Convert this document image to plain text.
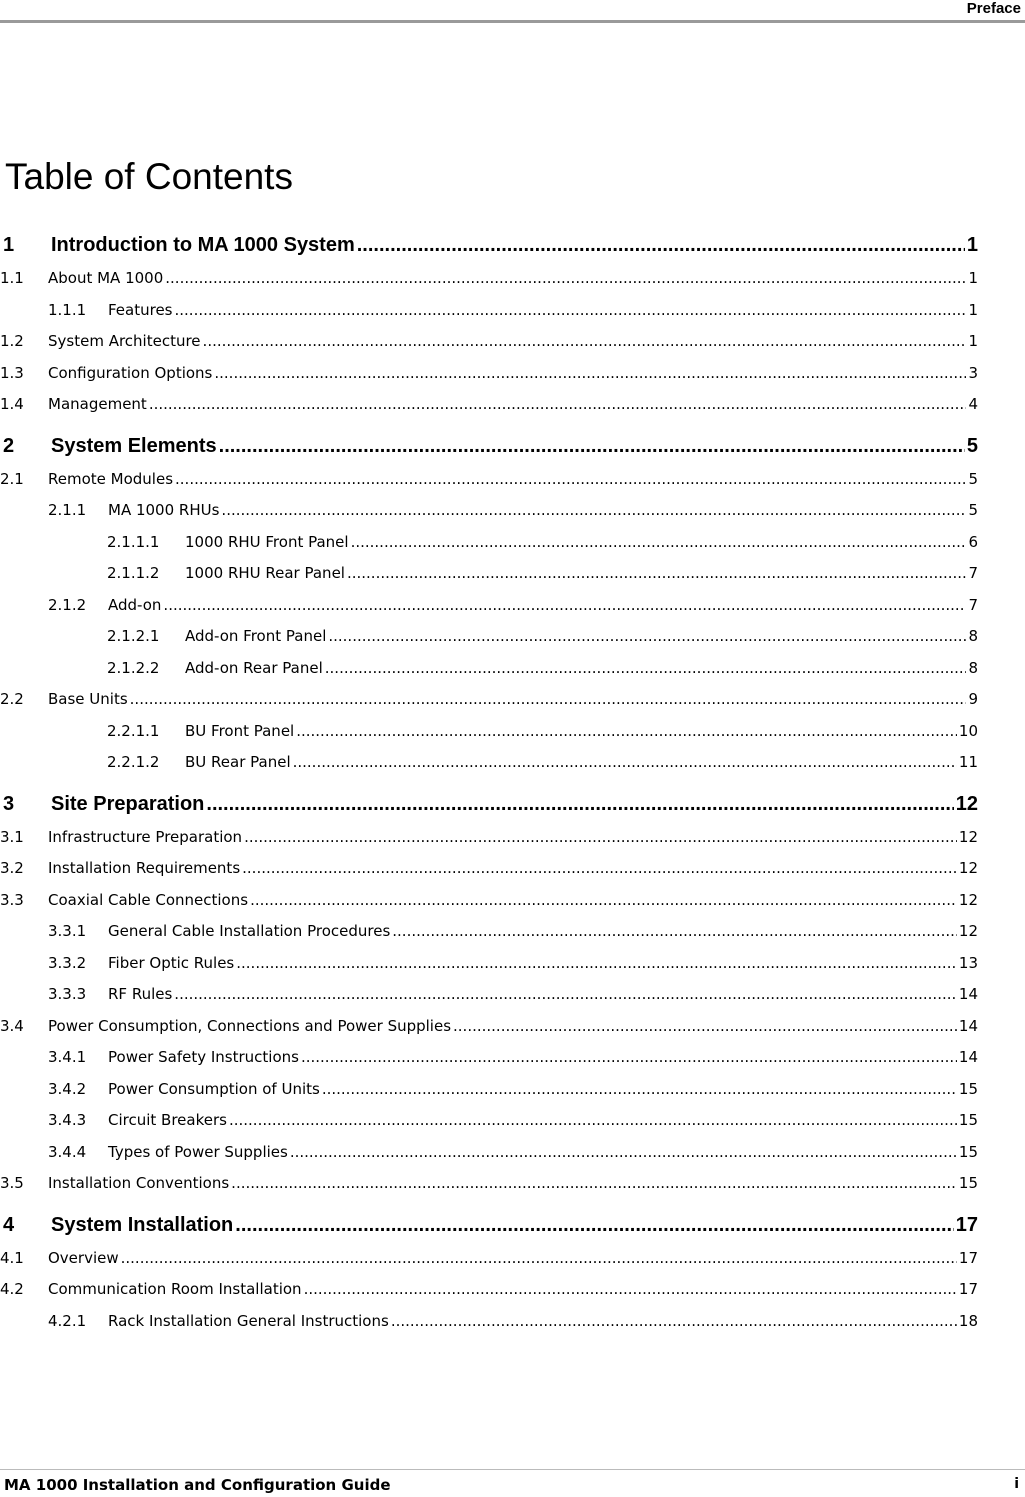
Preface
Table of Contents
1	Introduction to MA 1000 System .....	1
1.1	About MA 1000 .....	1
1.1.1	Features .....	1
1.2	System Architecture .....	1
1.3	Configuration Options .....	3
1.4	Management .....	4
2	System Elements .....	5
2.1	Remote Modules .....	5
2.1.1	MA 1000 RHUs .....	5
2.1.1.1	1000 RHU Front Panel .....	6
2.1.1.2	1000 RHU Rear Panel .....	7
2.1.2	Add-on .....	7
2.1.2.1	Add-on Front Panel .....	8
2.1.2.2	Add-on Rear Panel .....	8
2.2	Base Units .....	9
2.2.1.1	BU Front Panel .....	10
2.2.1.2	BU Rear Panel .....	11
3	Site Preparation .....	12
3.1	Infrastructure Preparation .....	12
3.2	Installation Requirements .....	12
3.3	Coaxial Cable Connections .....	12
3.3.1	General Cable Installation Procedures .....	12
3.3.2	Fiber Optic Rules .....	13
3.3.3	RF Rules .....	14
3.4	Power Consumption, Connections and Power Supplies .....	14
3.4.1	Power Safety Instructions .....	14
3.4.2	Power Consumption of Units .....	15
3.4.3	Circuit Breakers .....	15
3.4.4	Types of Power Supplies .....	15
3.5	Installation Conventions .....	15
4	System Installation .....	17
4.1	Overview .....	17
4.2	Communication Room Installation .....	17
4.2.1	Rack Installation General Instructions .....	18
MA 1000 Installation and Configuration Guide	i
